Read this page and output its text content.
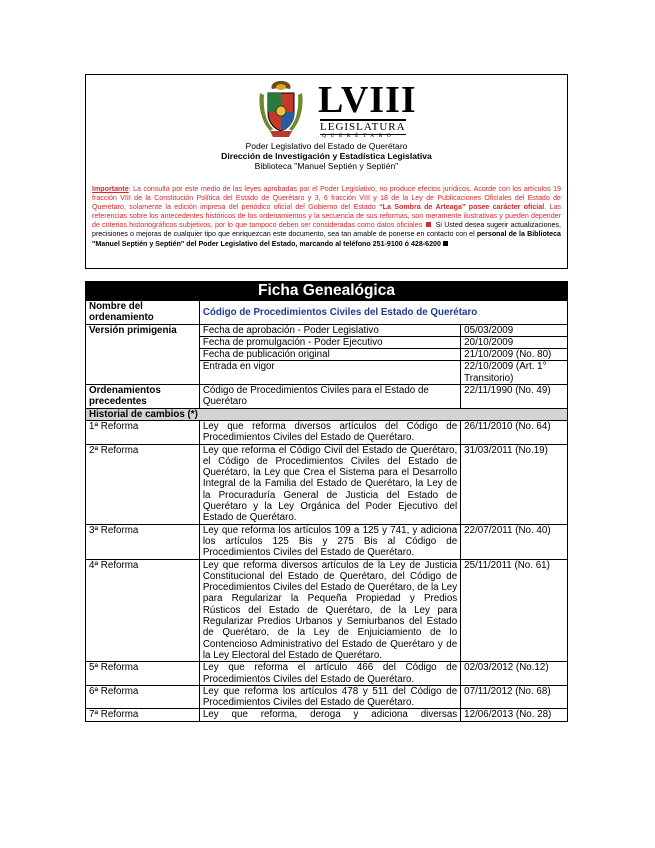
LVIII
LEGISLATURA
QUERÉTARO
Poder Legislativo del Estado de Querétaro
Dirección de Investigación y Estadística Legislativa
Biblioteca "Manuel Septién y Septién"
Importante: La consulta por este medio de las leyes aprobadas por el Poder Legislativo, no produce efectos jurídicos. Acorde con los artículos 19 fracción VIII de la Constitución Política del Estado de Querétaro y 3, 6 fracción VIII y 18 de la Ley de Publicaciones Oficiales del Estado de Querétaro, solamente la edición impresa del periódico oficial del Gobierno del Estado “La Sombra de Arteaga” posee carácter oficial. Las referencias sobre los antecedentes históricos de los ordenamientos y la secuencia de sus reformas, son meramente ilustrativas y pueden depender de criterios historiográficos subjetivos, por lo que tampoco deben ser consideradas como datos oficiales Si Usted desea sugerir actualizaciones, precisiones o mejoras de cualquier tipo que enriquezcan este documento, sea tan amable de ponerse en contacto con el personal de la Biblioteca "Manuel Septién y Septién" del Poder Legislativo del Estado, marcando al teléfono 251-9100 ó 428-6200
Ficha Genealógica		
Nombre del ordenamiento	Código de Procedimientos Civiles del Estado de Querétaro	
Versión primigenia	Fecha de aprobación - Poder Legislativo	05/03/2009
	Fecha de promulgación - Poder Ejecutivo	20/10/2009
	Fecha de publicación original	21/10/2009 (No. 80)
	Entrada en vigor	22/10/2009 (Art. 1° Transitorio)
Ordenamientos precedentes	Código de Procedimientos Civiles para el Estado de Querétaro	22/11/1990 (No. 49)
Historial de cambios (*)		
1ª Reforma	Ley que reforma diversos artículos del Código de Procedimientos Civiles del Estado de Querétaro.	26/11/2010 (No. 64)
2ª Reforma	Ley que reforma el Código Civil del Estado de Querétaro, el Código de Procedimientos Civiles del Estado de Querétaro, la Ley que Crea el Sistema para el Desarrollo Integral de la Familia del Estado de Querétaro, la Ley de la Procuraduría General de Justicia del Estado de Querétaro y la Ley Orgánica del Poder Ejecutivo del Estado de Querétaro.	31/03/2011 (No.19)
3ª Reforma	Ley que reforma los artículos 109 a 125 y 741, y adiciona los artículos 125 Bis y 275 Bis al Código de Procedimientos Civiles del Estado de Querétaro.	22/07/2011 (No. 40)
4ª Reforma	Ley que reforma diversos artículos de la Ley de Justicia Constitucional del Estado de Querétaro, del Código de Procedimientos Civiles del Estado de Querétaro, de la Ley para Regularizar la Pequeña Propiedad y Predios Rústicos del Estado de Querétaro, de la Ley para Regularizar Predios Urbanos y Semiurbanos del Estado de Querétaro, de la Ley de Enjuiciamiento de lo Contencioso Administrativo del Estado de Querétaro y de la Ley Electoral del Estado de Querétaro.	25/11/2011 (No. 61)
5ª Reforma	Ley que reforma el artículo 466 del Código de Procedimientos Civiles del Estado de Querétaro.	02/03/2012 (No.12)
6ª Reforma	Ley que reforma los artículos 478 y 511 del Código de Procedimientos Civiles del Estado de Querétaro.	07/11/2012 (No. 68)
7ª Reforma	Ley que reforma, deroga y adiciona diversas	12/06/2013 (No. 28)
